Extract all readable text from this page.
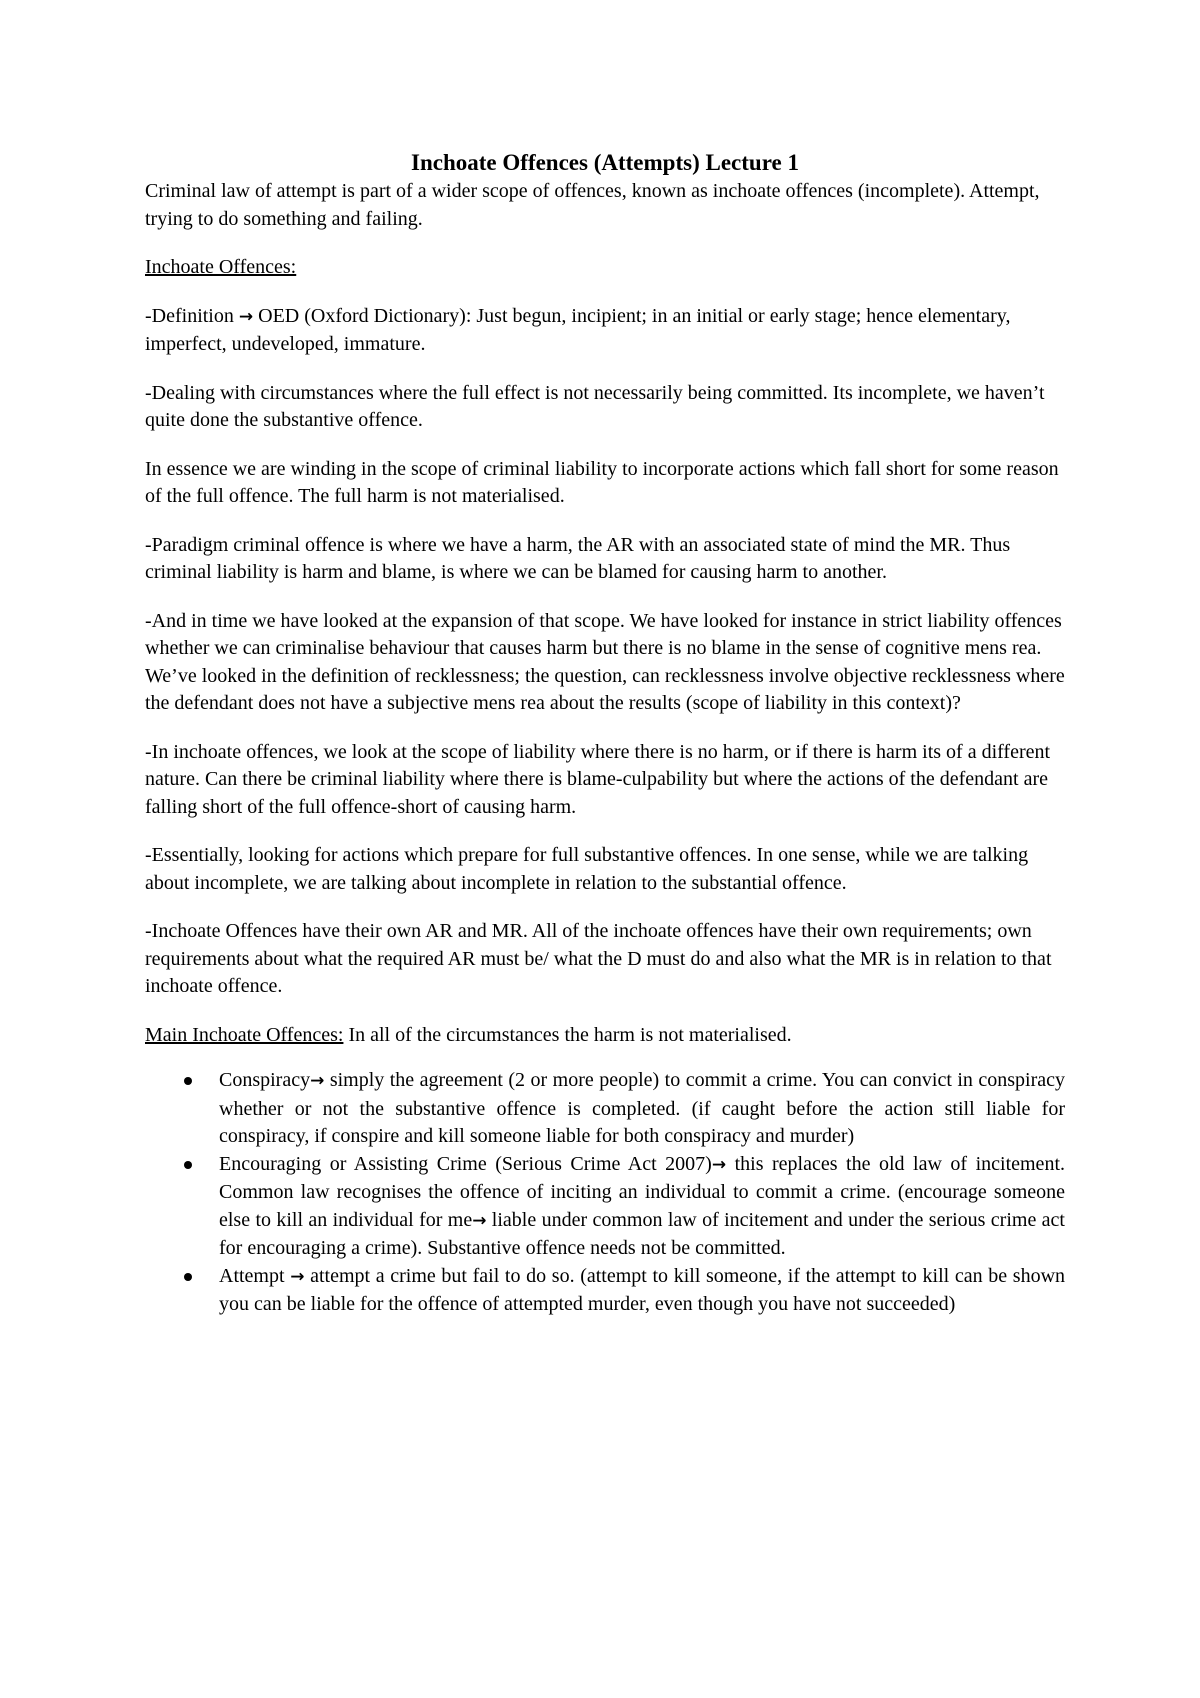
Inchoate Offences (Attempts) Lecture 1

Criminal law of attempt is part of a wider scope of offences, known as inchoate offences (incomplete). Attempt, trying to do something and failing.

Inchoate Offences:

-Definition → OED (Oxford Dictionary): Just begun, incipient; in an initial or early stage; hence elementary, imperfect, undeveloped, immature.

-Dealing with circumstances where the full effect is not necessarily being committed. Its incomplete, we haven’t quite done the substantive offence.

In essence we are winding in the scope of criminal liability to incorporate actions which fall short for some reason of the full offence. The full harm is not materialised.

-Paradigm criminal offence is where we have a harm, the AR with an associated state of mind the MR. Thus criminal liability is harm and blame, is where we can be blamed for causing harm to another.

-And in time we have looked at the expansion of that scope. We have looked for instance in strict liability offences whether we can criminalise behaviour that causes harm but there is no blame in the sense of cognitive mens rea. We’ve looked in the definition of recklessness; the question, can recklessness involve objective recklessness where the defendant does not have a subjective mens rea about the results (scope of liability in this context)?

-In inchoate offences, we look at the scope of liability where there is no harm, or if there is harm its of a different nature. Can there be criminal liability where there is blame-culpability but where the actions of the defendant are falling short of the full offence-short of causing harm.

-Essentially, looking for actions which prepare for full substantive offences. In one sense, while we are talking about incomplete, we are talking about incomplete in relation to the substantial offence.

-Inchoate Offences have their own AR and MR. All of the inchoate offences have their own requirements; own requirements about what the required AR must be/ what the D must do and also what the MR is in relation to that inchoate offence.

Main Inchoate Offences: In all of the circumstances the harm is not materialised.

Conspiracy→ simply the agreement (2 or more people) to commit a crime. You can convict in conspiracy whether or not the substantive offence is completed. (if caught before the action still liable for conspiracy, if conspire and kill someone liable for both conspiracy and murder)
Encouraging or Assisting Crime (Serious Crime Act 2007)→ this replaces the old law of incitement. Common law recognises the offence of inciting an individual to commit a crime. (encourage someone else to kill an individual for me→ liable under common law of incitement and under the serious crime act for encouraging a crime). Substantive offence needs not be committed.
Attempt → attempt a crime but fail to do so. (attempt to kill someone, if the attempt to kill can be shown you can be liable for the offence of attempted murder, even though you have not succeeded)
